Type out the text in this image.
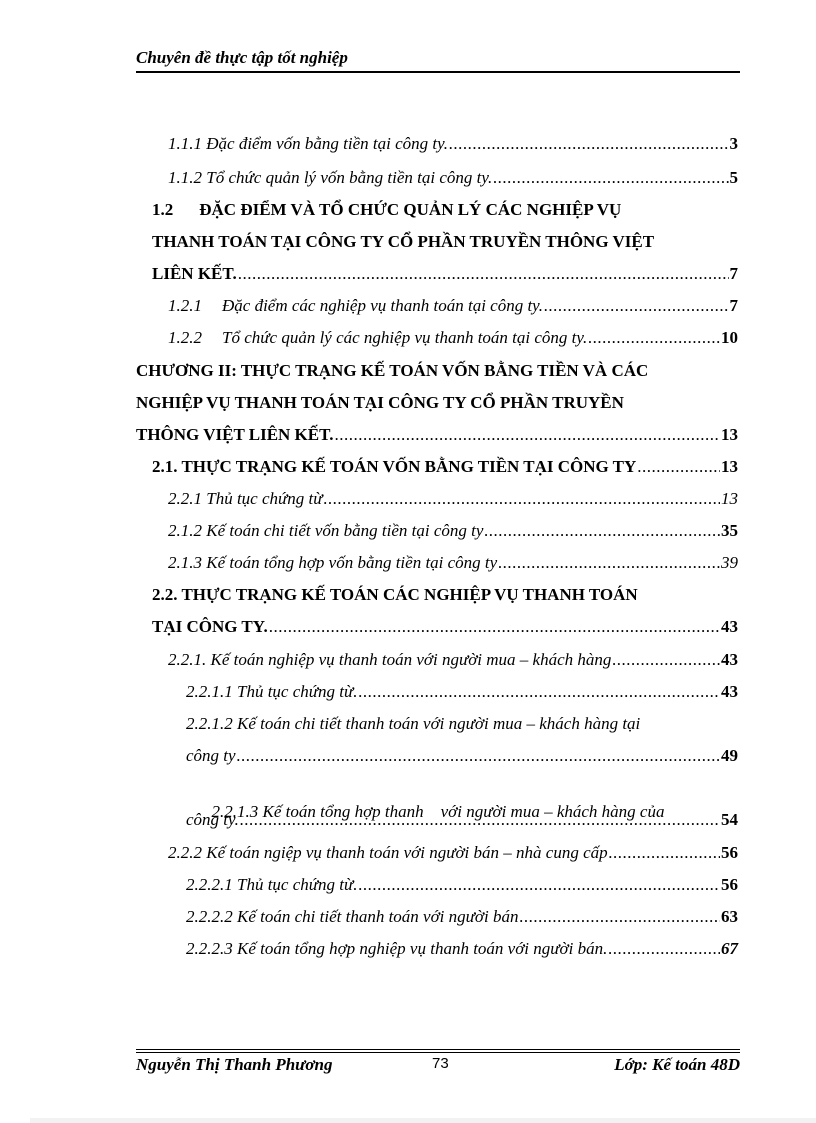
Chuyên đề thực tập tốt nghiệp
1.1.1 Đặc điểm vốn bằng tiền tại công ty. .....	3
1.1.2 Tổ chức quản lý vốn bằng tiền tại công ty. .....	5
1.2 ĐẶC ĐIỂM VÀ TỔ CHỨC QUẢN LÝ CÁC NGHIỆP VỤ
THANH TOÁN TẠI CÔNG TY CỔ PHẦN TRUYỀN THÔNG VIỆT
LIÊN KẾT. .....	7
1.2.1 Đặc điểm các nghiệp vụ thanh toán tại công ty. .....	7
1.2.2 Tổ chức quản lý các nghiệp vụ thanh toán tại công ty. .....	10
CHƯƠNG II: THỰC TRẠNG KẾ TOÁN VỐN BẰNG TIỀN VÀ CÁC
NGHIỆP VỤ THANH TOÁN TẠI CÔNG TY CỔ PHẦN TRUYỀN
THÔNG VIỆT LIÊN KẾT. .....	13
2.1. THỰC TRẠNG KẾ TOÁN VỐN BẰNG TIỀN TẠI CÔNG TY .....	13
2.2.1 Thủ tục chứng từ .....	13
2.1.2 Kế toán chi tiết vốn bằng tiền tại công ty .....	35
2.1.3 Kế toán tổng hợp vốn bằng tiền tại công ty .....	39
2.2. THỰC TRẠNG KẾ TOÁN CÁC NGHIỆP VỤ THANH TOÁN
TẠI CÔNG TY. .....	43
2.2.1. Kế toán nghiệp vụ thanh toán với người mua – khách hàng .....	43
2.2.1.1 Thủ tục chứng từ. .....	43
2.2.1.2 Kế toán chi tiết thanh toán với người mua – khách hàng tại
công ty .....	49

2.2.1.3 Kế toán tổng hợp thanh    với người mua – khách hàng của

công ty. .....	54
2.2.2 Kế toán ngiệp vụ thanh toán với người bán – nhà cung cấp .....	56
2.2.2.1 Thủ tục chứng từ. .....	56
2.2.2.2 Kế toán chi tiết thanh toán với người bán .....	63
2.2.2.3 Kế toán tổng hợp nghiệp vụ thanh toán với người bán. .....	67
Nguyễn Thị Thanh Phương	73	Lớp: Kế toán 48D
